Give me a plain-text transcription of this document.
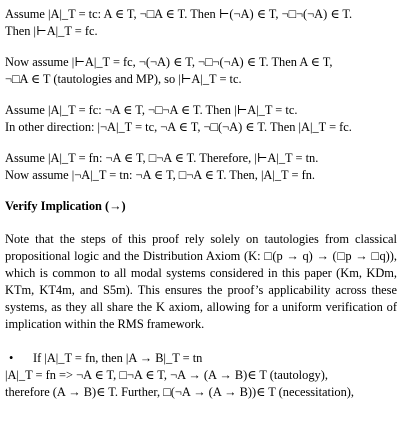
Assume |A|_T = tc: A ∈ T, ¬□A ∈ T. Then ⊢(¬A) ∈ T, ¬□¬(¬A) ∈ T.
Then |⊢A|_T = fc.
Now assume |⊢A|_T = fc, ¬(¬A) ∈ T, ¬□¬(¬A) ∈ T. Then A ∈ T,
¬□A ∈ T (tautologies and MP), so |⊢A|_T = tc.
Assume |A|_T = fc: ¬A ∈ T, ¬□¬A ∈ T. Then |⊢A|_T = tc.
In other direction: |¬A|_T = tc, ¬A ∈ T, ¬□(¬A) ∈ T. Then |A|_T = fc.
Assume |A|_T = fn: ¬A ∈ T, □¬A ∈ T. Therefore, |⊢A|_T = tn.
Now assume |¬A|_T = tn: ¬A ∈ T, □¬A ∈ T. Then, |A|_T = fn.
Verify Implication (→)
Note that the steps of this proof rely solely on tautologies from classical propositional logic and the Distribution Axiom (K: □(p → q) → (□p → □q)), which is common to all modal systems considered in this paper (Km, KDm, KTm, KT4m, and S5m). This ensures the proof’s applicability across these systems, as they all share the K axiom, allowing for a uniform verification of implication within the RMS framework.
• If |A|_T = fn, then |A → B|_T = tn
|A|_T = fn => ¬A ∈ T, □¬A ∈ T, ¬A → (A → B)∈ T (tautology),
therefore (A → B)∈ T. Further, □(¬A → (A → B))∈ T (necessitation),
